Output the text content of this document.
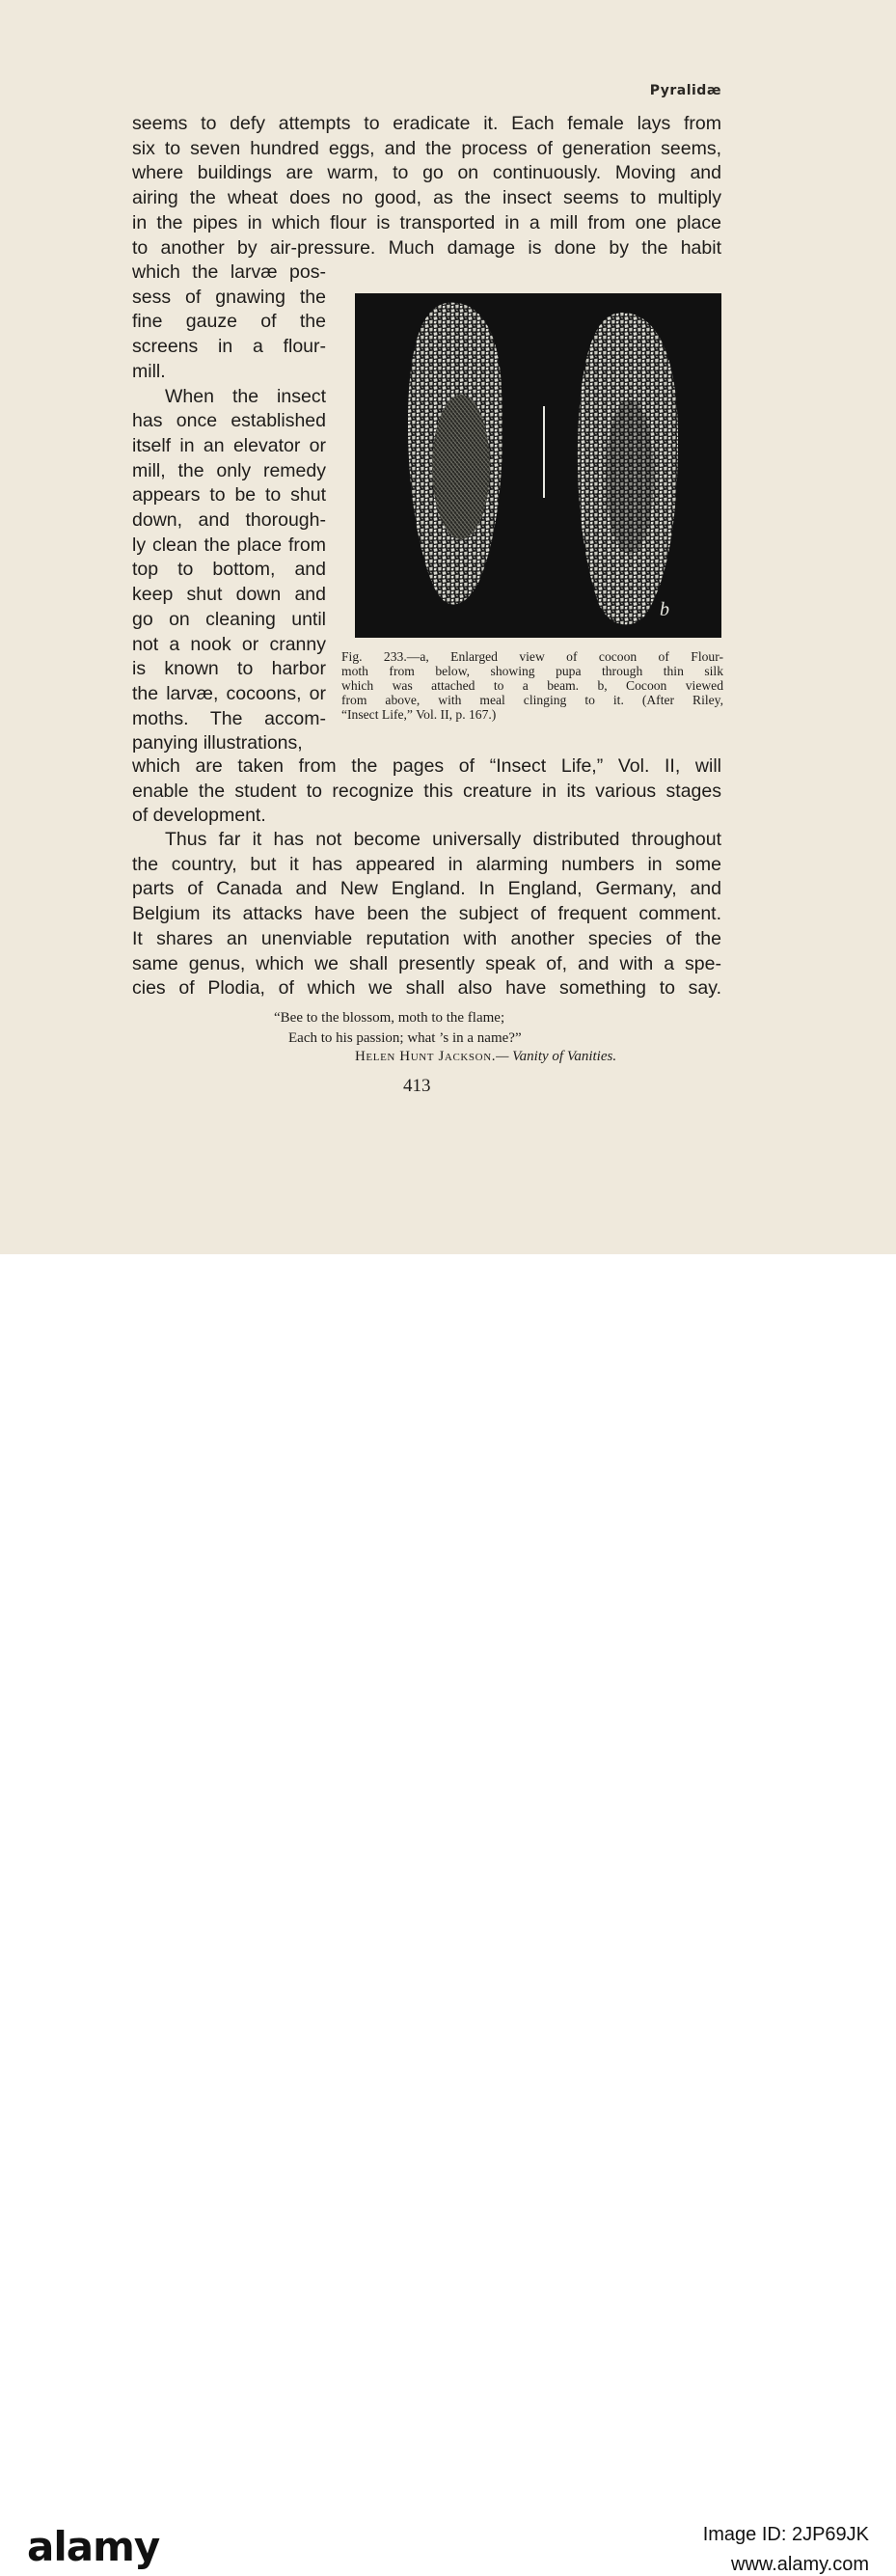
Pyralidæ
seems to defy attempts to eradicate it. Each female lays from
six to seven hundred eggs, and the process of generation seems,
where buildings are warm, to go on continuously. Moving and
airing the wheat does no good, as the insect seems to multiply
in the pipes in which flour is transported in a mill from one place
to another by air-pressure. Much damage is done by the habit
which the larvæ pos-
sess of gnawing the
fine gauze of the
screens in a flour-
mill.
When the insect
has once established
itself in an elevator or
mill, the only remedy
appears to be to shut
down, and thorough-
ly clean the place from
top to bottom, and
keep shut down and
go on cleaning until
not a nook or cranny
is known to harbor
the larvæ, cocoons, or
moths. The accom-
panying illustrations,
b
Fig. 233.—a, Enlarged view of cocoon of Flour-
moth from below, showing pupa through thin silk
which was attached to a beam. b, Cocoon viewed
from above, with meal clinging to it. (After Riley,
“Insect Life,” Vol. II, p. 167.)
which are taken from the pages of “Insect Life,” Vol. II, will
enable the student to recognize this creature in its various stages
of development.
Thus far it has not become universally distributed throughout
the country, but it has appeared in alarming numbers in some
parts of Canada and New England. In England, Germany, and
Belgium its attacks have been the subject of frequent comment.
It shares an unenviable reputation with another species of the
same genus, which we shall presently speak of, and with a spe-
cies of Plodia, of which we shall also have something to say.
“Bee to the blossom, moth to the flame;
Each to his passion; what ’s in a name?”
Helen Hunt Jackson.— Vanity of Vanities.
413
alamy	Image ID: 2JP69JK
www.alamy.com
